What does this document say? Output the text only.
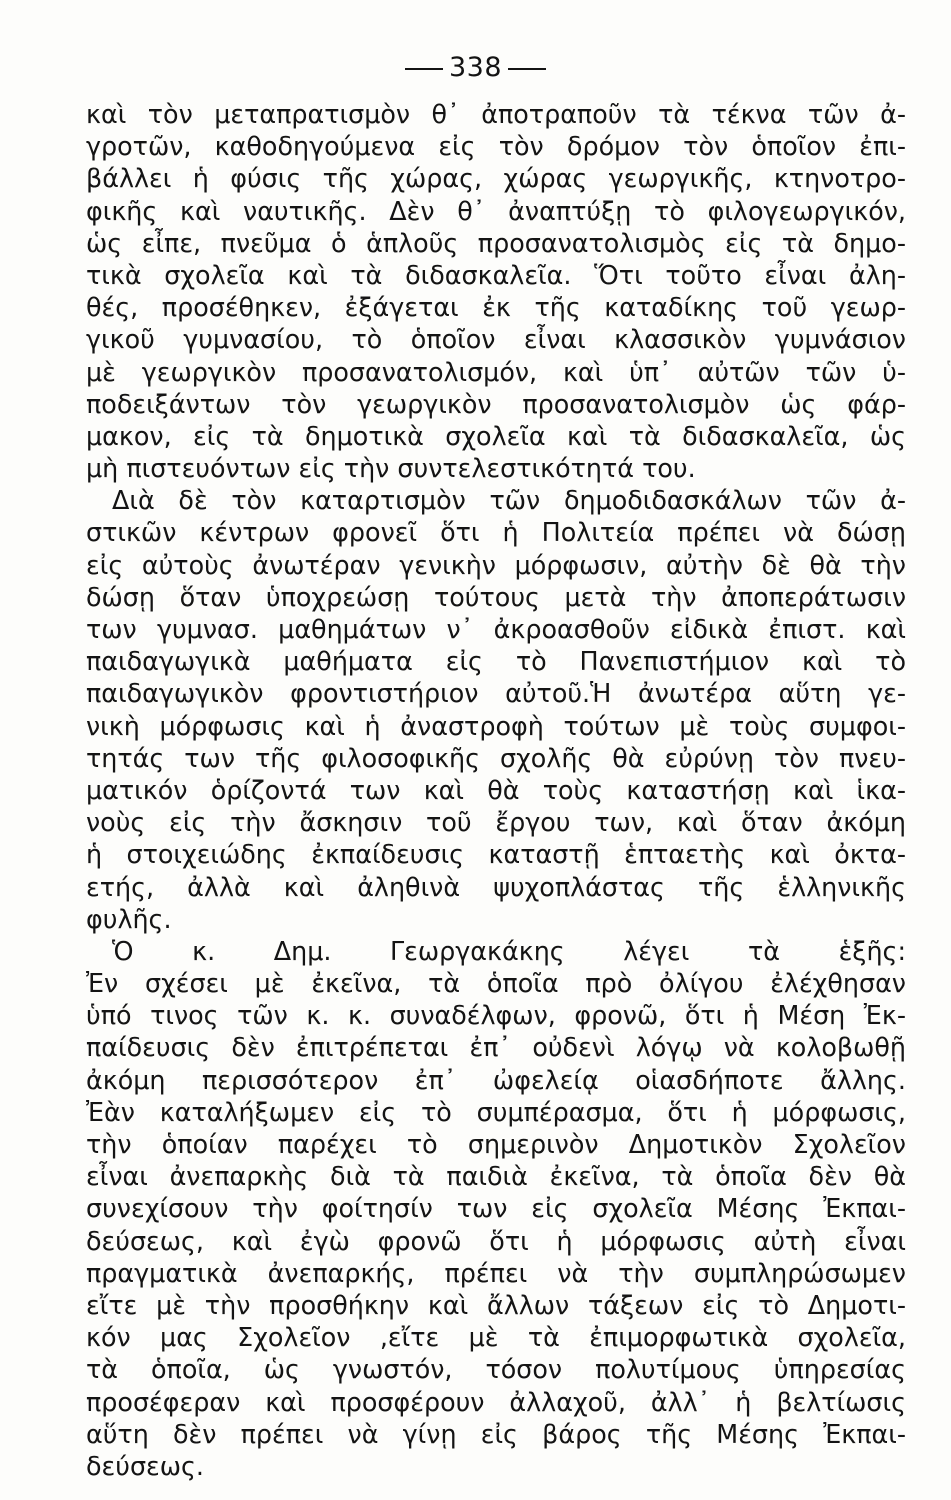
338
καὶ τὸν μεταπρατισμὸν θ᾿ ἀποτραποῦν τὰ τέκνα τῶν ἀ-
γροτῶν, καθοδηγούμενα εἰς τὸν δρόμον τὸν ὁποῖον ἐπι-
βάλλει ἡ φύσις τῆς χώρας, χώρας γεωργικῆς, κτηνοτρο-
φικῆς καὶ ναυτικῆς. Δὲν θ᾿ ἀναπτύξῃ τὸ φιλογεωργικόν,
ὡς εἶπε, πνεῦμα ὁ ἁπλοῦς προσανατολισμὸς εἰς τὰ δημο-
τικὰ σχολεῖα καὶ τὰ διδασκαλεῖα. Ὅτι τοῦτο εἶναι ἀλη-
θές, προσέθηκεν, ἐξάγεται ἐκ τῆς καταδίκης τοῦ γεωρ-
γικοῦ γυμνασίου, τὸ ὁποῖον εἶναι κλασσικὸν γυμνάσιον
μὲ γεωργικὸν προσανατολισμόν, καὶ ὑπ᾿ αὐτῶν τῶν ὑ-
ποδειξάντων τὸν γεωργικὸν προσανατολισμὸν ὡς φάρ-
μακον, εἰς τὰ δημοτικὰ σχολεῖα καὶ τὰ διδασκαλεῖα, ὡς
μὴ πιστευόντων εἰς τὴν συντελεστικότητά του.
Διὰ δὲ τὸν καταρτισμὸν τῶν δημοδιδασκάλων τῶν ἀ-
στικῶν κέντρων φρονεῖ ὅτι ἡ Πολιτεία πρέπει νὰ δώσῃ
εἰς αὐτοὺς ἀνωτέραν γενικὴν μόρφωσιν, αὐτὴν δὲ θὰ τὴν
δώσῃ ὅταν ὑποχρεώσῃ τούτους μετὰ τὴν ἀποπεράτωσιν
των γυμνασ. μαθημάτων ν᾿ ἀκροασθοῦν εἰδικὰ ἐπιστ. καὶ
παιδαγωγικὰ μαθήματα εἰς τὸ Πανεπιστήμιον καὶ τὸ
παιδαγωγικὸν φροντιστήριον αὐτοῦ.Ἡ ἀνωτέρα αὕτη γε-
νικὴ μόρφωσις καὶ ἡ ἀναστροφὴ τούτων μὲ τοὺς συμφοι-
τητάς των τῆς φιλοσοφικῆς σχολῆς θὰ εὐρύνῃ τὸν πνευ-
ματικόν ὁρίζοντά των καὶ θὰ τοὺς καταστήσῃ καὶ ἱκα-
νοὺς εἰς τὴν ἄσκησιν τοῦ ἔργου των, καὶ ὅταν ἀκόμη
ἡ στοιχειώδης ἐκπαίδευσις καταστῇ ἑπταετὴς καὶ ὀκτα-
ετής, ἀλλὰ καὶ ἀληθινὰ ψυχοπλάστας τῆς ἑλληνικῆς
φυλῆς.
Ὁ κ. Δημ. Γεωργακάκης λέγει τὰ ἑξῆς:
Ἐν σχέσει μὲ ἐκεῖνα, τὰ ὁποῖα πρὸ ὀλίγου ἐλέχθησαν
ὑπό τινος τῶν κ. κ. συναδέλφων, φρονῶ, ὅτι ἡ Μέση Ἐκ-
παίδευσις δὲν ἐπιτρέπεται ἐπ᾿ οὐδενὶ λόγῳ νὰ κολοβωθῇ
ἀκόμη περισσότερον ἐπ᾿ ὠφελείᾳ οἱασδήποτε ἄλλης.
Ἐὰν καταλήξωμεν εἰς τὸ συμπέρασμα, ὅτι ἡ μόρφωσις,
τὴν ὁποίαν παρέχει τὸ σημερινὸν Δημοτικὸν Σχολεῖον
εἶναι ἀνεπαρκὴς διὰ τὰ παιδιὰ ἐκεῖνα, τὰ ὁποῖα δὲν θὰ
συνεχίσουν τὴν φοίτησίν των εἰς σχολεῖα Μέσης Ἐκπαι-
δεύσεως, καὶ ἐγὼ φρονῶ ὅτι ἡ μόρφωσις αὐτὴ εἶναι
πραγματικὰ ἀνεπαρκής, πρέπει νὰ τὴν συμπληρώσωμεν
εἴτε μὲ τὴν προσθήκην καὶ ἄλλων τάξεων εἰς τὸ Δημοτι-
κόν μας Σχολεῖον ,εἴτε μὲ τὰ ἐπιμορφωτικὰ σχολεῖα,
τὰ ὁποῖα, ὡς γνωστόν, τόσον πολυτίμους ὑπηρεσίας
προσέφεραν καὶ προσφέρουν ἀλλαχοῦ, ἀλλ᾿ ἡ βελτίωσις
αὕτη δὲν πρέπει νὰ γίνῃ εἰς βάρος τῆς Μέσης Ἐκπαι-
δεύσεως.
